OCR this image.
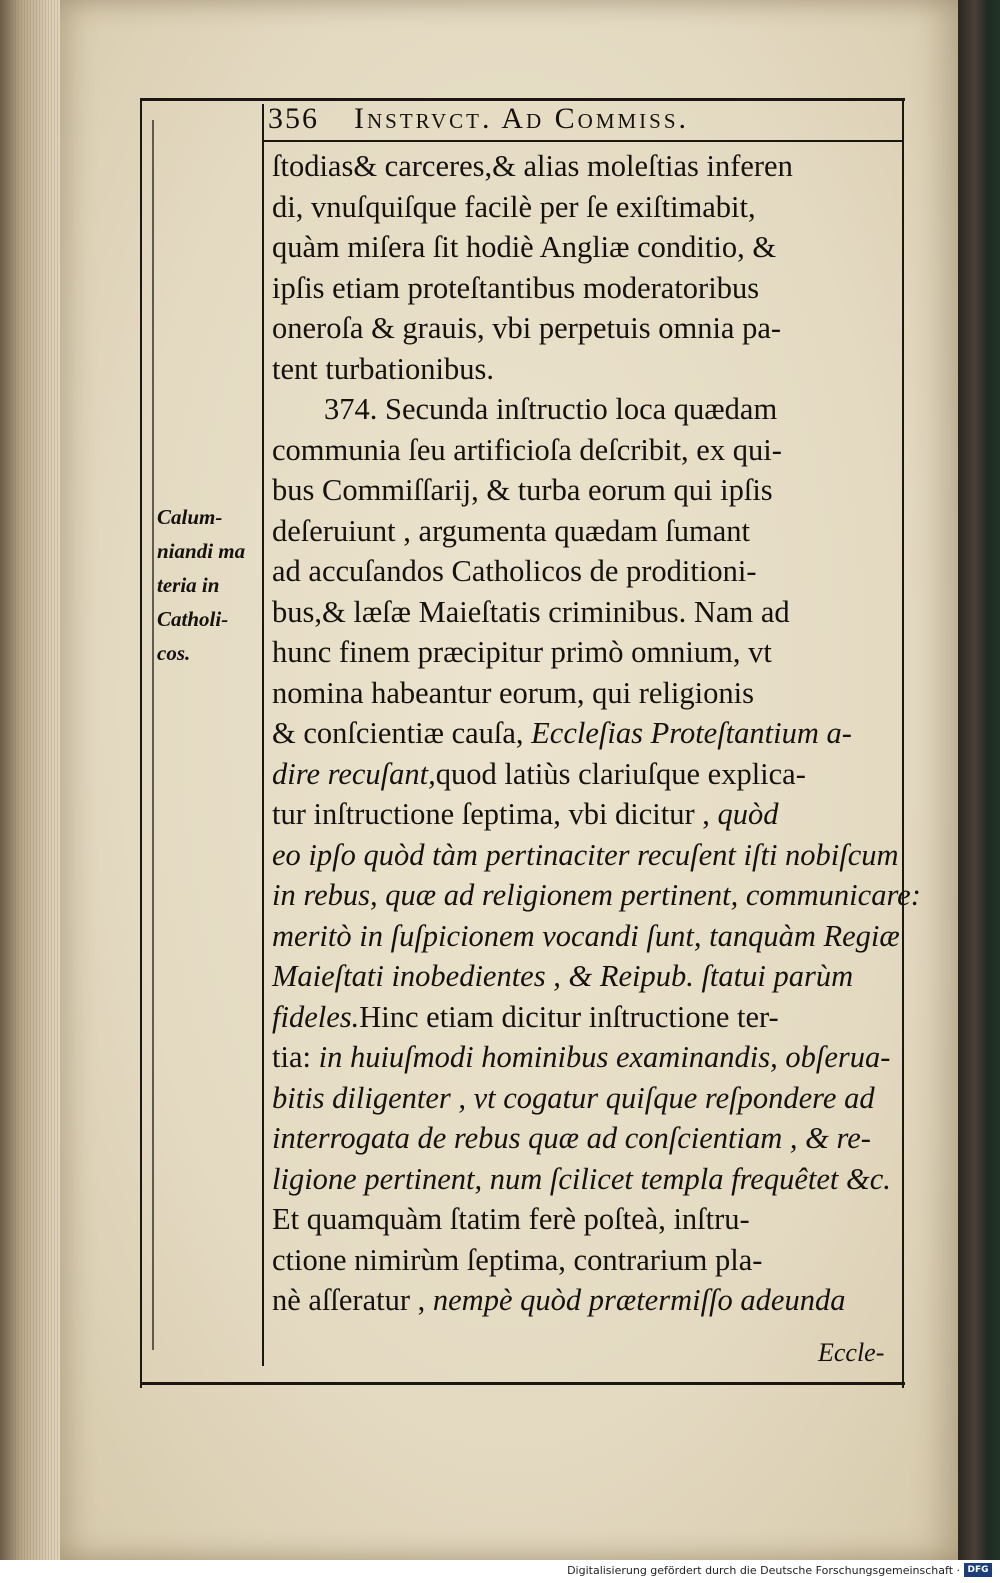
356 Instrvct. Ad Commiss.
Calum-
niandi ma
teria in
Catholi-
cos.
ſtodias& carceres,& alias moleſtias inferen
di, vnuſquiſque facilè per ſe exiſtimabit,
quàm miſera ſit hodiè Angliæ conditio, &
ipſis etiam proteſtantibus moderatoribus
oneroſa & grauis, vbi perpetuis omnia pa-
tent turbationibus.
374. Secunda inſtructio loca quædam
communia ſeu artificioſa deſcribit, ex qui-
bus Commiſſarij, & turba eorum qui ipſis
deſeruiunt , argumenta quædam ſumant
ad accuſandos Catholicos de proditioni-
bus,& læſæ Maieſtatis criminibus. Nam ad
hunc finem præcipitur primò omnium, vt
nomina habeantur eorum, qui religionis
& conſcientiæ cauſa, Eccleſias Proteſtantium a-
dire recuſant,quod latiùs clariuſque explica-
tur inſtructione ſeptima, vbi dicitur , quòd
eo ipſo quòd tàm pertinaciter recuſent iſti nobiſcum
in rebus, quæ ad religionem pertinent, communicare:
meritò in ſuſpicionem vocandi ſunt, tanquàm Regiæ
Maieſtati inobedientes , & Reipub. ſtatui parùm
fideles.Hinc etiam dicitur inſtructione ter-
tia: in huiuſmodi hominibus examinandis, obſerua-
bitis diligenter , vt cogatur quiſque reſpondere ad
interrogata de rebus quæ ad conſcientiam , & re-
ligione pertinent, num ſcilicet templa frequêtet &c.
Et quamquàm ſtatim ferè poſteà, inſtru-
ctione nimirùm ſeptima, contrarium pla-
nè aſſeratur , nempè quòd prætermiſſo adeunda
Eccle-
Digitalisierung gefördert durch die Deutsche Forschungsgemeinschaft · DFG
